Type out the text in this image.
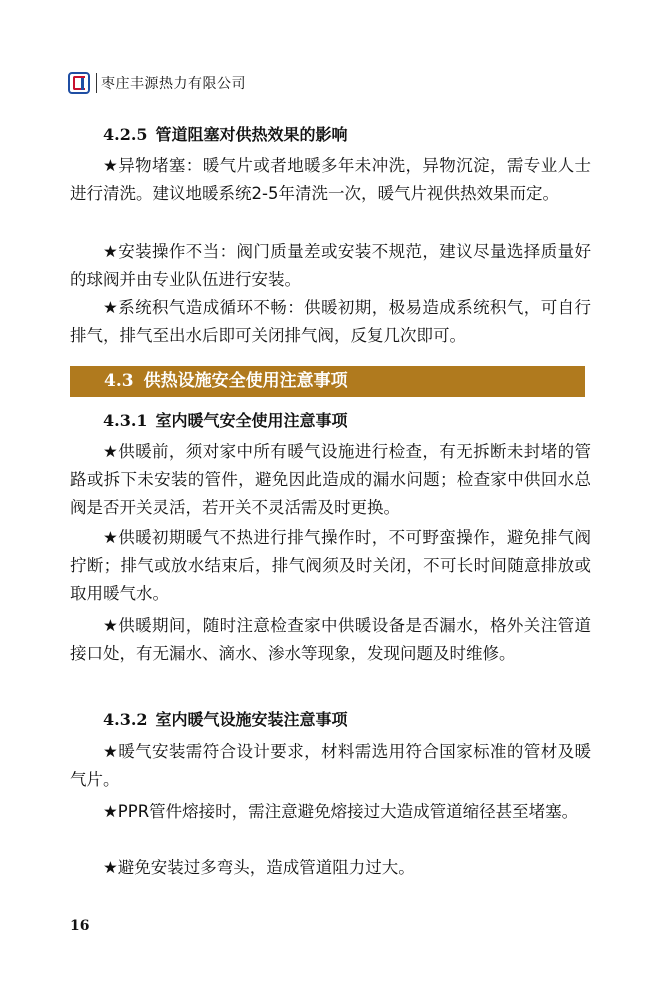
枣庄丰源热力有限公司
4.2.5 管道阻塞对供热效果的影响
★异物堵塞：暖气片或者地暖多年未冲洗，异物沉淀，需专业人士进行清洗。建议地暖系统2-5年清洗一次，暖气片视供热效果而定。
★安装操作不当：阀门质量差或安装不规范，建议尽量选择质量好的球阀并由专业队伍进行安装。
★系统积气造成循环不畅：供暖初期，极易造成系统积气，可自行排气，排气至出水后即可关闭排气阀，反复几次即可。
4.3 供热设施安全使用注意事项
4.3.1 室内暖气安全使用注意事项
★供暖前，须对家中所有暖气设施进行检查，有无拆断未封堵的管路或拆下未安装的管件，避免因此造成的漏水问题；检查家中供回水总阀是否开关灵活，若开关不灵活需及时更换。
★供暖初期暖气不热进行排气操作时，不可野蛮操作，避免排气阀拧断；排气或放水结束后，排气阀须及时关闭，不可长时间随意排放或取用暖气水。
★供暖期间，随时注意检查家中供暖设备是否漏水，格外关注管道接口处，有无漏水、滴水、渗水等现象，发现问题及时维修。
4.3.2 室内暖气设施安装注意事项
★暖气安装需符合设计要求，材料需选用符合国家标准的管材及暖气片。
★PPR管件熔接时，需注意避免熔接过大造成管道缩径甚至堵塞。
★避免安装过多弯头，造成管道阻力过大。
16
